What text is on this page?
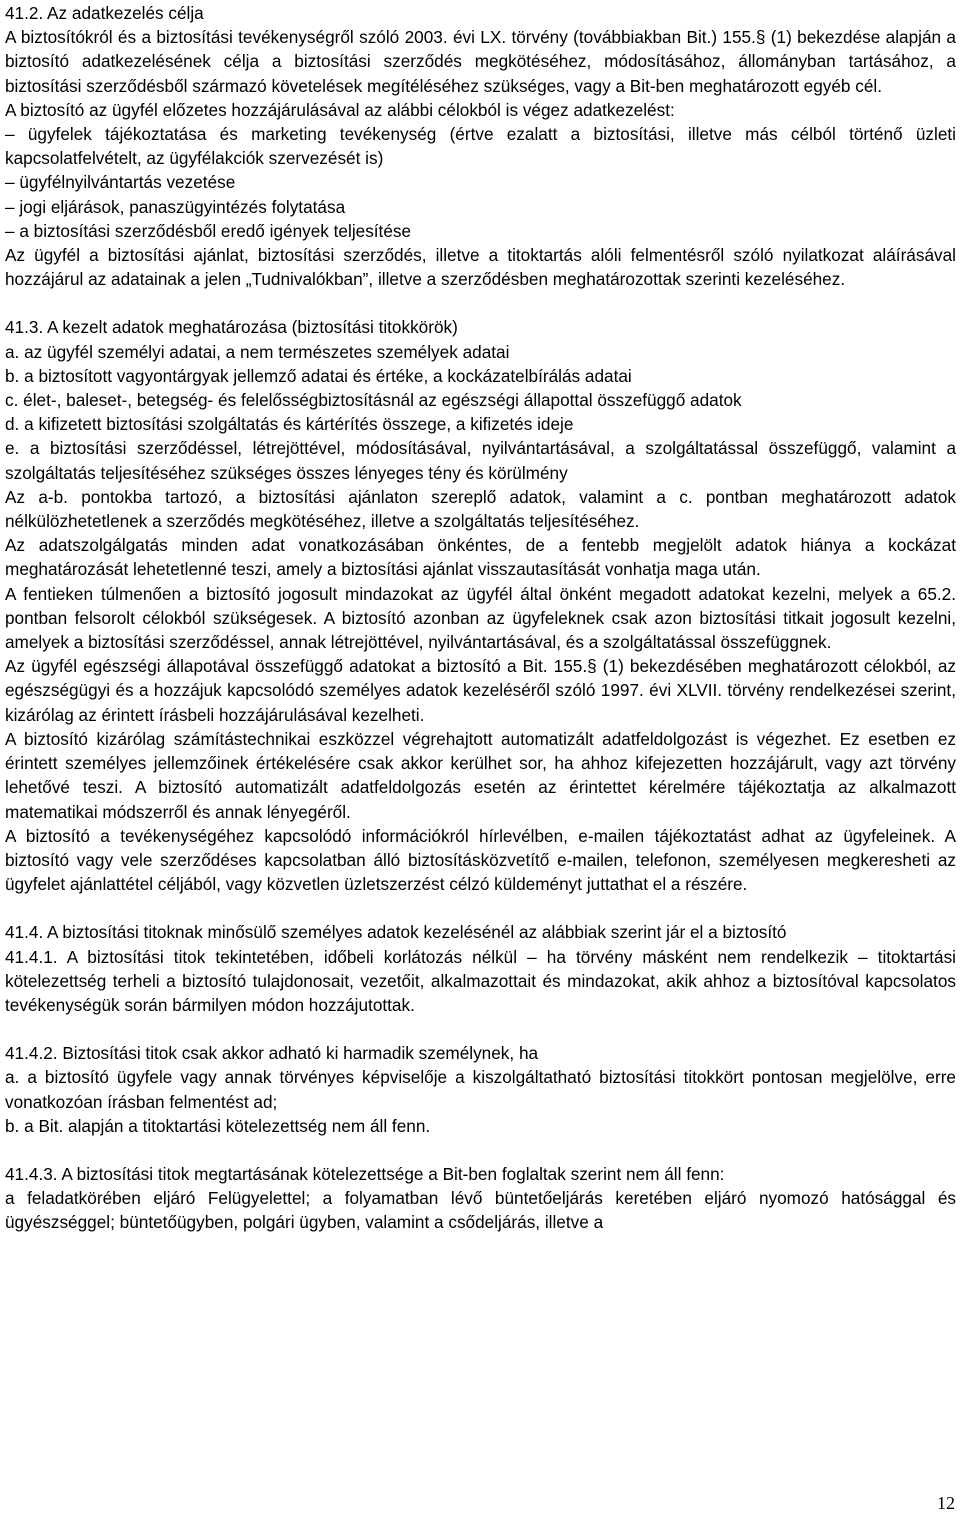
41.2. Az adatkezelés célja

A biztosítókról és a biztosítási tevékenységről szóló 2003. évi LX. törvény (továbbiakban Bit.) 155.§ (1) bekezdése alapján a biztosító adatkezelésének célja a biztosítási szerződés megkötéséhez, módosításához, állományban tartásához, a biztosítási szerződésből származó követelések megítéléséhez szükséges, vagy a Bit-ben meghatározott egyéb cél.

A biztosító az ügyfél előzetes hozzájárulásával az alábbi célokból is végez adatkezelést:

– ügyfelek tájékoztatása és marketing tevékenység (értve ezalatt a biztosítási, illetve más célból történő üzleti kapcsolatfelvételt, az ügyfélakciók szervezését is)

– ügyfélnyilvántartás vezetése

– jogi eljárások, panaszügyintézés folytatása

– a biztosítási szerződésből eredő igények teljesítése

Az ügyfél a biztosítási ajánlat, biztosítási szerződés, illetve a titoktartás alóli felmentésről szóló nyilatkozat aláírásával hozzájárul az adatainak a jelen „Tudnivalókban”, illetve a szerződésben meghatározottak szerinti kezeléséhez.

41.3. A kezelt adatok meghatározása (biztosítási titokkörök)

a. az ügyfél személyi adatai, a nem természetes személyek adatai

b. a biztosított vagyontárgyak jellemző adatai és értéke, a kockázatelbírálás adatai

c. élet-, baleset-, betegség- és felelősségbiztosításnál az egészségi állapottal összefüggő adatok

d. a kifizetett biztosítási szolgáltatás és kártérítés összege, a kifizetés ideje

e. a biztosítási szerződéssel, létrejöttével, módosításával, nyilvántartásával, a szolgáltatással összefüggő, valamint a szolgáltatás teljesítéséhez szükséges összes lényeges tény és körülmény

Az a-b. pontokba tartozó, a biztosítási ajánlaton szereplő adatok, valamint a c. pontban meghatározott adatok nélkülözhetetlenek a szerződés megkötéséhez, illetve a szolgáltatás teljesítéséhez.

Az adatszolgálgatás minden adat vonatkozásában önkéntes, de a fentebb megjelölt adatok hiánya a kockázat meghatározását lehetetlenné teszi, amely a biztosítási ajánlat visszautasítását vonhatja maga után.

A fentieken túlmenően a biztosító jogosult mindazokat az ügyfél által önként megadott adatokat kezelni, melyek a 65.2. pontban felsorolt célokból szükségesek. A biztosító azonban az ügyfeleknek csak azon biztosítási titkait jogosult kezelni, amelyek a biztosítási szerződéssel, annak létrejöttével, nyilvántartásával, és a szolgáltatással összefüggnek.

Az ügyfél egészségi állapotával összefüggő adatokat a biztosító a Bit. 155.§ (1) bekezdésében meghatározott célokból, az egészségügyi és a hozzájuk kapcsolódó személyes adatok kezeléséről szóló 1997. évi XLVII. törvény rendelkezései szerint, kizárólag az érintett írásbeli hozzájárulásával kezelheti.

A biztosító kizárólag számítástechnikai eszközzel végrehajtott automatizált adatfeldolgozást is végezhet. Ez esetben ez érintett személyes jellemzőinek értékelésére csak akkor kerülhet sor, ha ahhoz kifejezetten hozzájárult, vagy azt törvény lehetővé teszi. A biztosító automatizált adatfeldolgozás esetén az érintettet kérelmére tájékoztatja az alkalmazott matematikai módszerről és annak lényegéről.

A biztosító a tevékenységéhez kapcsolódó információkról hírlevélben, e-mailen tájékoztatást adhat az ügyfeleinek. A biztosító vagy vele szerződéses kapcsolatban álló biztosításközvetítő e-mailen, telefonon, személyesen megkeresheti az ügyfelet ajánlattétel céljából, vagy közvetlen üzletszerzést célzó küldeményt juttathat el a részére.

41.4. A biztosítási titoknak minősülő személyes adatok kezelésénél az alábbiak szerint jár el a biztosító

41.4.1. A biztosítási titok tekintetében, időbeli korlátozás nélkül – ha törvény másként nem rendelkezik – titoktartási kötelezettség terheli a biztosító tulajdonosait, vezetőit, alkalmazottait és mindazokat, akik ahhoz a biztosítóval kapcsolatos tevékenységük során bármilyen módon hozzájutottak.

41.4.2. Biztosítási titok csak akkor adható ki harmadik személynek, ha

a. a biztosító ügyfele vagy annak törvényes képviselője a kiszolgáltatható biztosítási titokkört pontosan megjelölve, erre vonatkozóan írásban felmentést ad;

b. a Bit. alapján a titoktartási kötelezettség nem áll fenn.

41.4.3. A biztosítási titok megtartásának kötelezettsége a Bit-ben foglaltak szerint nem áll fenn:

a feladatkörében eljáró Felügyelettel; a folyamatban lévő büntetőeljárás keretében eljáró nyomozó hatósággal és ügyészséggel; büntetőügyben, polgári ügyben, valamint a csődeljárás, illetve a

12
